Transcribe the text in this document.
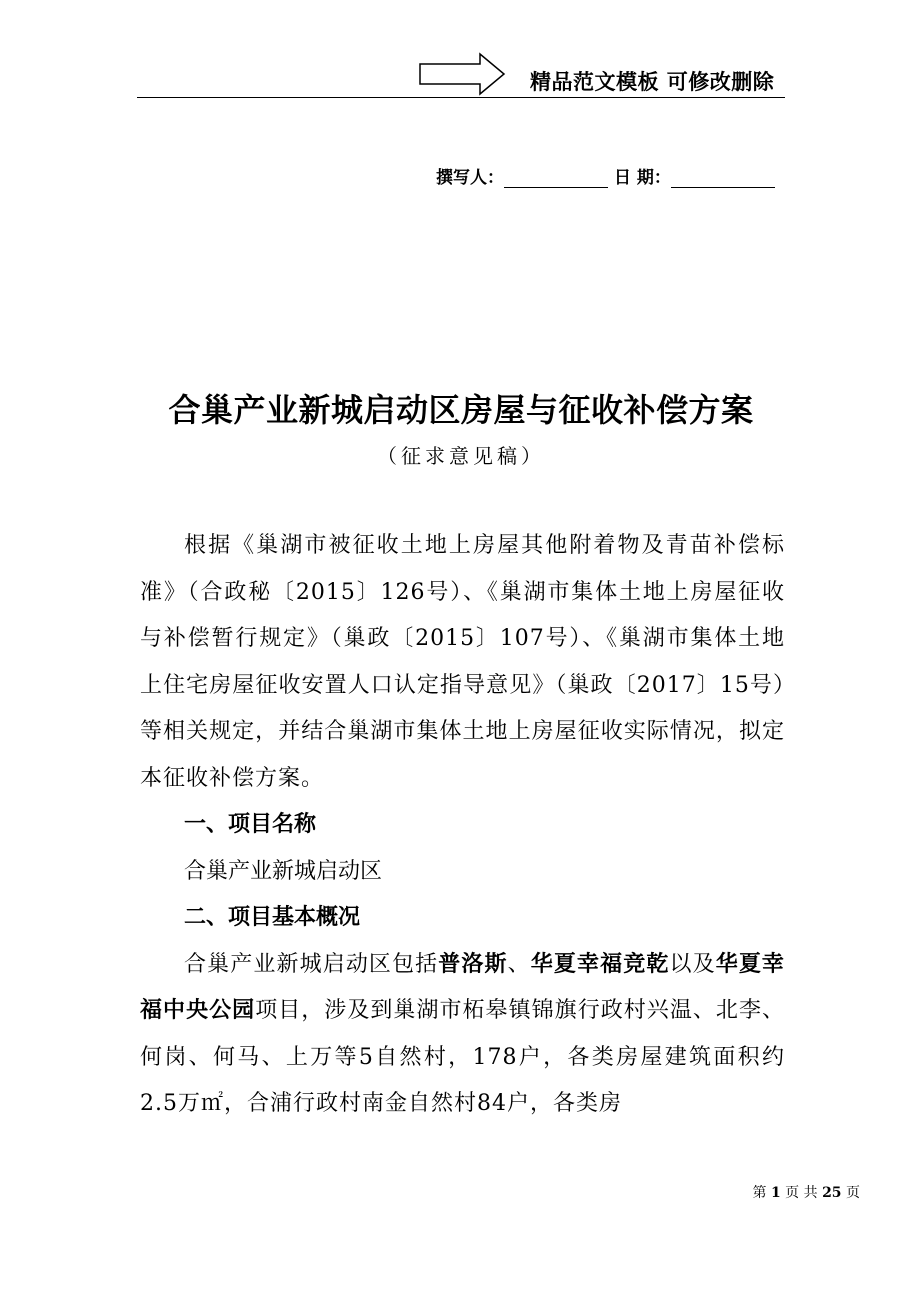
精品范文模板 可修改删除
撰写人：	日 期：
合巢产业新城启动区房屋与征收补偿方案
（征求意见稿）

根据《巢湖市被征收土地上房屋其他附着物及青苗补偿标准》（合政秘〔2015〕126号）、《巢湖市集体土地上房屋征收与补偿暂行规定》（巢政〔2015〕107号）、《巢湖市集体土地上住宅房屋征收安置人口认定指导意见》（巢政〔2017〕15号）等相关规定，并结合巢湖市集体土地上房屋征收实际情况，拟定本征收补偿方案。

一、项目名称

合巢产业新城启动区

二、项目基本概况

合巢产业新城启动区包括普洛斯、华夏幸福竞乾以及华夏幸福中央公园项目，涉及到巢湖市柘皋镇锦旗行政村兴温、北李、何岗、何马、上万等5自然村，178户，各类房屋建筑面积约2.5万㎡，合浦行政村南金自然村84户，各类房

第 1 页 共 25 页
